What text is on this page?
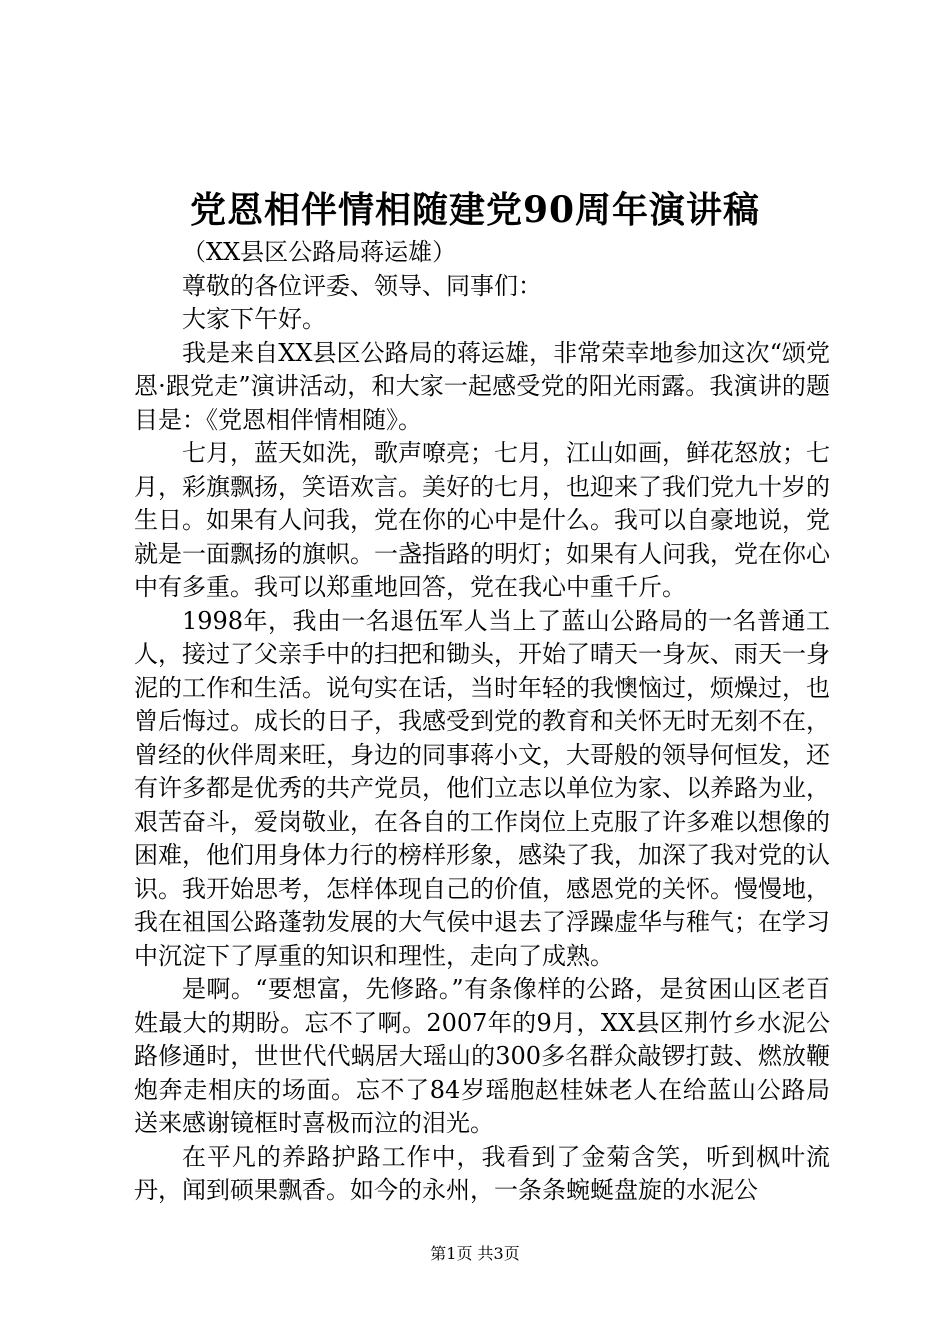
党恩相伴情相随建党90周年演讲稿

（XX县区公路局蒋运雄）

尊敬的各位评委、领导、同事们：

大家下午好。

我是来自XX县区公路局的蒋运雄，非常荣幸地参加这次“颂党恩·跟党走”演讲活动，和大家一起感受党的阳光雨露。我演讲的题目是：《党恩相伴情相随》。

七月，蓝天如洗，歌声嘹亮；七月，江山如画，鲜花怒放；七月，彩旗飘扬，笑语欢言。美好的七月，也迎来了我们党九十岁的生日。如果有人问我，党在你的心中是什么。我可以自豪地说，党就是一面飘扬的旗帜。一盏指路的明灯；如果有人问我，党在你心中有多重。我可以郑重地回答，党在我心中重千斤。

1998年，我由一名退伍军人当上了蓝山公路局的一名普通工人，接过了父亲手中的扫把和锄头，开始了晴天一身灰、雨天一身泥的工作和生活。说句实在话，当时年轻的我懊恼过，烦燥过，也曾后悔过。成长的日子，我感受到党的教育和关怀无时无刻不在，曾经的伙伴周来旺，身边的同事蒋小文，大哥般的领导何恒发，还有许多都是优秀的共产党员，他们立志以单位为家、以养路为业，艰苦奋斗，爱岗敬业，在各自的工作岗位上克服了许多难以想像的困难，他们用身体力行的榜样形象，感染了我，加深了我对党的认识。我开始思考，怎样体现自己的价值，感恩党的关怀。慢慢地，我在祖国公路蓬勃发展的大气侯中退去了浮躁虚华与稚气；在学习中沉淀下了厚重的知识和理性，走向了成熟。

是啊。“要想富，先修路。”有条像样的公路，是贫困山区老百姓最大的期盼。忘不了啊。2007年的9月，XX县区荆竹乡水泥公路修通时，世世代代蜗居大瑶山的300多名群众敲锣打鼓、燃放鞭炮奔走相庆的场面。忘不了84岁瑶胞赵桂妹老人在给蓝山公路局送来感谢镜框时喜极而泣的泪光。

在平凡的养路护路工作中，我看到了金菊含笑，听到枫叶流丹，闻到硕果飘香。如今的永州，一条条蜿蜒盘旋的水泥公

第1页 共3页
